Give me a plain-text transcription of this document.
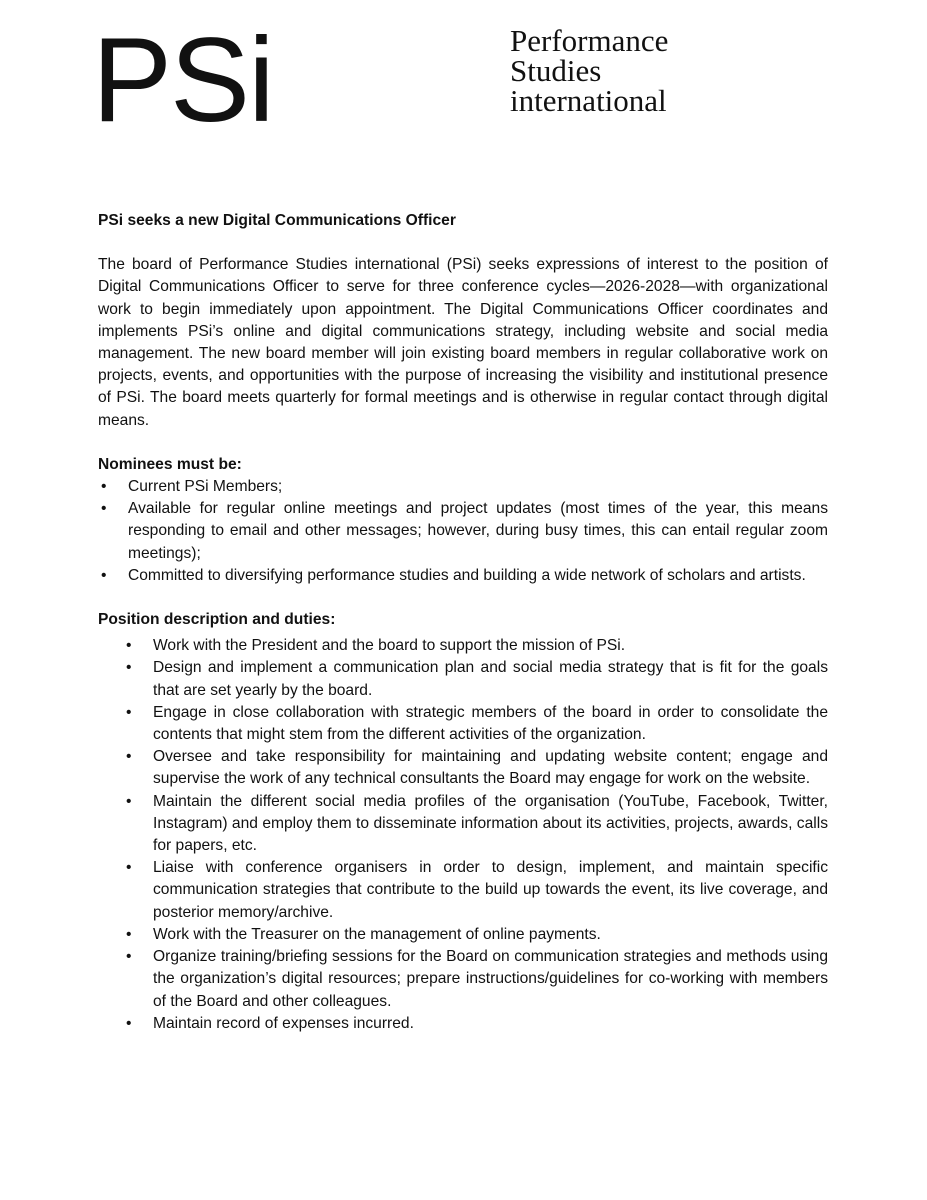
PSi	Performance
Studies
international
PSi seeks a new Digital Communications Officer

The board of Performance Studies international (PSi) seeks expressions of interest to the position of Digital Communications Officer to serve for three conference cycles—2026-2028—with organizational work to begin immediately upon appointment. The Digital Communications Officer coordinates and implements PSi’s online and digital communications strategy, including website and social media management. The new board member will join existing board members in regular collaborative work on projects, events, and opportunities with the purpose of increasing the visibility and institutional presence of PSi. The board meets quarterly for formal meetings and is otherwise in regular contact through digital means.

Nominees must be:
• Current PSi Members;
• Available for regular online meetings and project updates (most times of the year, this means responding to email and other messages; however, during busy times, this can entail regular zoom meetings);
• Committed to diversifying performance studies and building a wide network of scholars and artists.
Position description and duties:
• Work with the President and the board to support the mission of PSi.
• Design and implement a communication plan and social media strategy that is fit for the goals that are set yearly by the board.
• Engage in close collaboration with strategic members of the board in order to consolidate the contents that might stem from the different activities of the organization.
• Oversee and take responsibility for maintaining and updating website content; engage and supervise the work of any technical consultants the Board may engage for work on the website.
• Maintain the different social media profiles of the organisation (YouTube, Facebook, Twitter, Instagram) and employ them to disseminate information about its activities, projects, awards, calls for papers, etc.
• Liaise with conference organisers in order to design, implement, and maintain specific communication strategies that contribute to the build up towards the event, its live coverage, and posterior memory/archive.
• Work with the Treasurer on the management of online payments.
• Organize training/briefing sessions for the Board on communication strategies and methods using the organization’s digital resources; prepare instructions/guidelines for co-working with members of the Board and other colleagues.
• Maintain record of expenses incurred.
